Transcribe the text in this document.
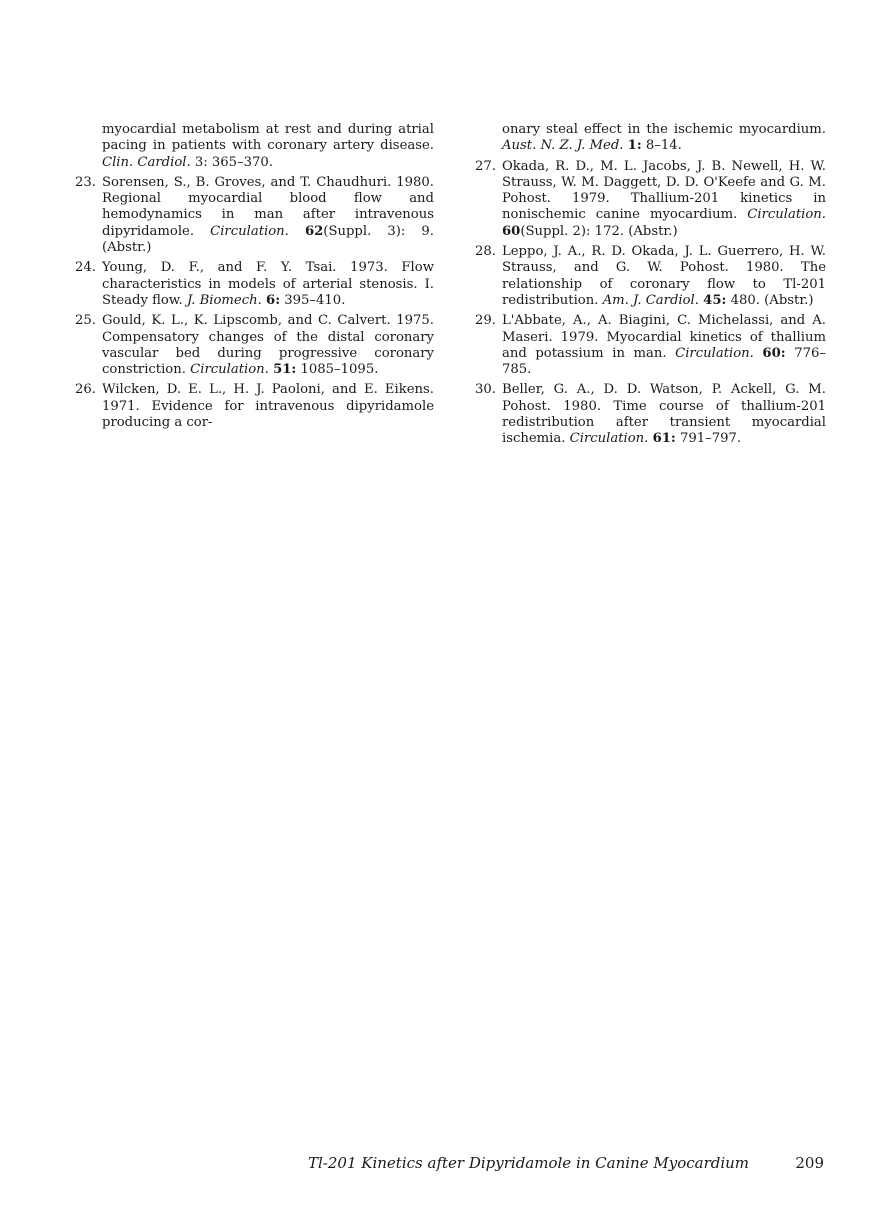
myocardial metabolism at rest and during atrial pacing in patients with coronary artery disease. Clin. Cardiol. 3: 365–370.
23. Sorensen, S., B. Groves, and T. Chaudhuri. 1980. Regional myocardial blood flow and hemodynamics in man after intravenous dipyridamole. Circulation. 62(Suppl. 3): 9. (Abstr.)
24. Young, D. F., and F. Y. Tsai. 1973. Flow characteristics in models of arterial stenosis. I. Steady flow. J. Biomech. 6: 395–410.
25. Gould, K. L., K. Lipscomb, and C. Calvert. 1975. Compensatory changes of the distal coronary vascular bed during progressive coronary constriction. Circulation. 51: 1085–1095.
26. Wilcken, D. E. L., H. J. Paoloni, and E. Eikens. 1971. Evidence for intravenous dipyridamole producing a cor-
onary steal effect in the ischemic myocardium. Aust. N. Z. J. Med. 1: 8–14.
27. Okada, R. D., M. L. Jacobs, J. B. Newell, H. W. Strauss, W. M. Daggett, D. D. O'Keefe and G. M. Pohost. 1979. Thallium-201 kinetics in nonischemic canine myocardium. Circulation. 60(Suppl. 2): 172. (Abstr.)
28. Leppo, J. A., R. D. Okada, J. L. Guerrero, H. W. Strauss, and G. W. Pohost. 1980. The relationship of coronary flow to Tl-201 redistribution. Am. J. Cardiol. 45: 480. (Abstr.)
29. L'Abbate, A., A. Biagini, C. Michelassi, and A. Maseri. 1979. Myocardial kinetics of thallium and potassium in man. Circulation. 60: 776–785.
30. Beller, G. A., D. D. Watson, P. Ackell, G. M. Pohost. 1980. Time course of thallium-201 redistribution after transient myocardial ischemia. Circulation. 61: 791–797.
Tl-201 Kinetics after Dipyridamole in Canine Myocardium	209
